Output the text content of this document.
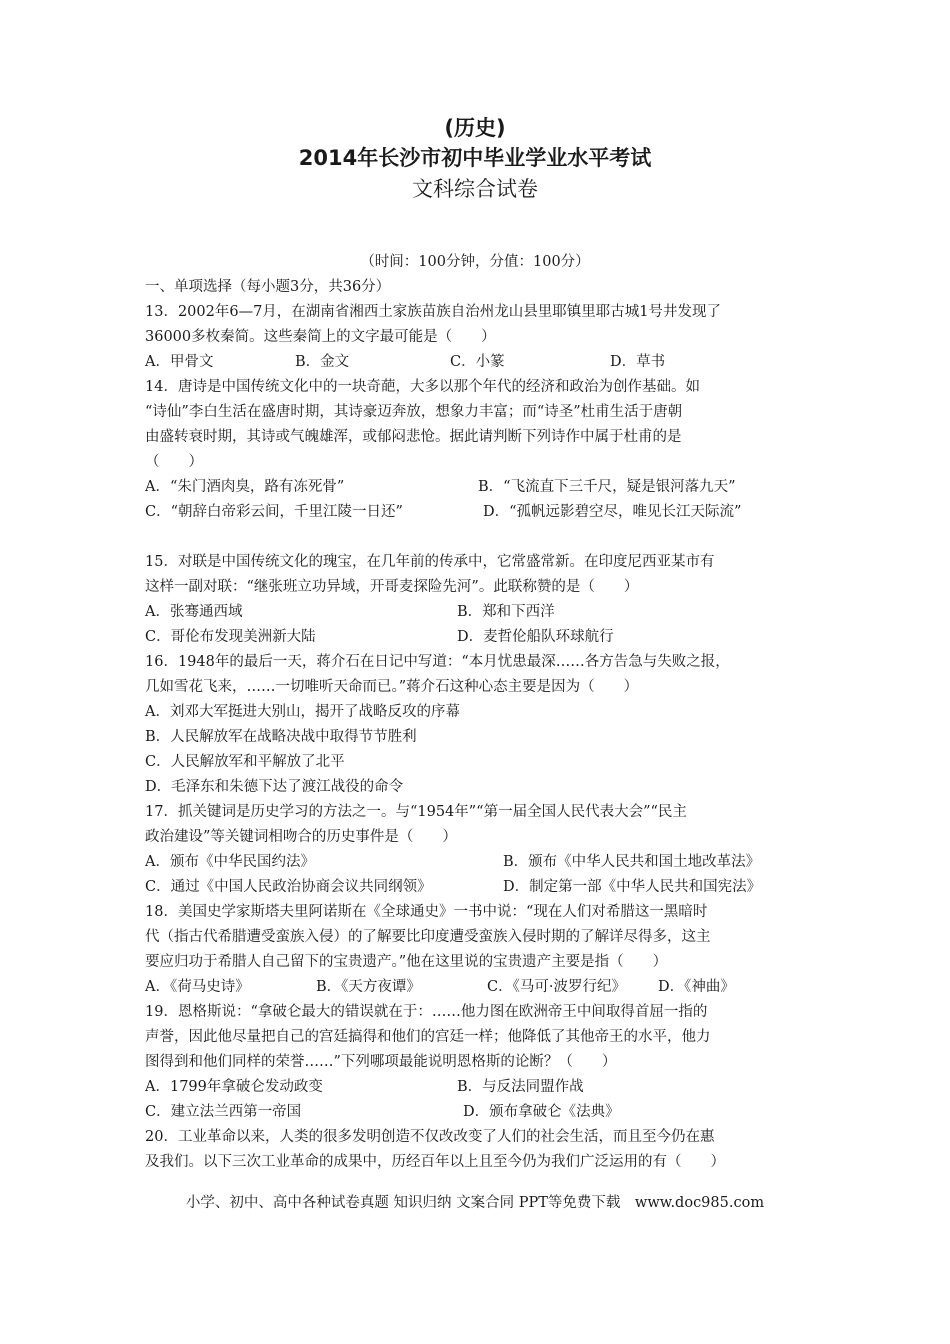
(历史)
2014年长沙市初中毕业学业水平考试
文科综合试卷
（时间：100分钟，分值：100分）
一、单项选择（每小题3分，共36分）
13．2002年6—7月，在湖南省湘西土家族苗族自治州龙山县里耶镇里耶古城1号井发现了
36000多枚秦简。这些秦简上的文字最可能是（　　）
A．甲骨文	B．金文	C．小篆	D．草书
14．唐诗是中国传统文化中的一块奇葩，大多以那个年代的经济和政治为创作基础。如
“诗仙”李白生活在盛唐时期，其诗豪迈奔放，想象力丰富；而“诗圣”杜甫生活于唐朝
由盛转衰时期，其诗或气魄雄浑，或郁闷悲怆。据此请判断下列诗作中属于杜甫的是
（　　）
A．“朱门酒肉臭，路有冻死骨”	B．“飞流直下三千尺，疑是银河落九天”
C．“朝辞白帝彩云间，千里江陵一日还”	D．“孤帆远影碧空尽，唯见长江天际流”
15．对联是中国传统文化的瑰宝，在几年前的传承中，它常盛常新。在印度尼西亚某市有
这样一副对联：“继张班立功异域，开哥麦探险先河”。此联称赞的是（　　）
A．张骞通西域	B．郑和下西洋
C．哥伦布发现美洲新大陆	D．麦哲伦船队环球航行
16．1948年的最后一天，蒋介石在日记中写道：“本月忧患最深……各方告急与失败之报，
几如雪花飞来，……一切唯听天命而已。”蒋介石这种心态主要是因为（　　）
A．刘邓大军挺进大别山，揭开了战略反攻的序幕
B．人民解放军在战略决战中取得节节胜利
C．人民解放军和平解放了北平
D．毛泽东和朱德下达了渡江战役的命令
17．抓关键词是历史学习的方法之一。与“1954年”“第一届全国人民代表大会”“民主
政治建设”等关键词相吻合的历史事件是（　　）
A．颁布《中华民国约法》	B．颁布《中华人民共和国土地改革法》
C．通过《中国人民政治协商会议共同纲领》	D．制定第一部《中华人民共和国宪法》
18．美国史学家斯塔夫里阿诺斯在《全球通史》一书中说：“现在人们对希腊这一黑暗时
代（指古代希腊遭受蛮族入侵）的了解要比印度遭受蛮族入侵时期的了解详尽得多，这主
要应归功于希腊人自己留下的宝贵遗产。”他在这里说的宝贵遗产主要是指（　　）
A．《荷马史诗》	B．《天方夜谭》	C．《马可·波罗行纪》	D．《神曲》
19．恩格斯说：“拿破仑最大的错误就在于：……他力图在欧洲帝王中间取得首屈一指的
声誉，因此他尽量把自己的宫廷搞得和他们的宫廷一样；他降低了其他帝王的水平，他力
图得到和他们同样的荣誉……”下列哪项最能说明恩格斯的论断？（　　）
A．1799年拿破仑发动政变	B．与反法同盟作战
C．建立法兰西第一帝国	D．颁布拿破仑《法典》
20．工业革命以来，人类的很多发明创造不仅改改变了人们的社会生活，而且至今仍在惠
及我们。以下三次工业革命的成果中，历经百年以上且至今仍为我们广泛运用的有（　　）
小学、初中、高中各种试卷真题 知识归纳 文案合同 PPT等免费下载　www.doc985.com
